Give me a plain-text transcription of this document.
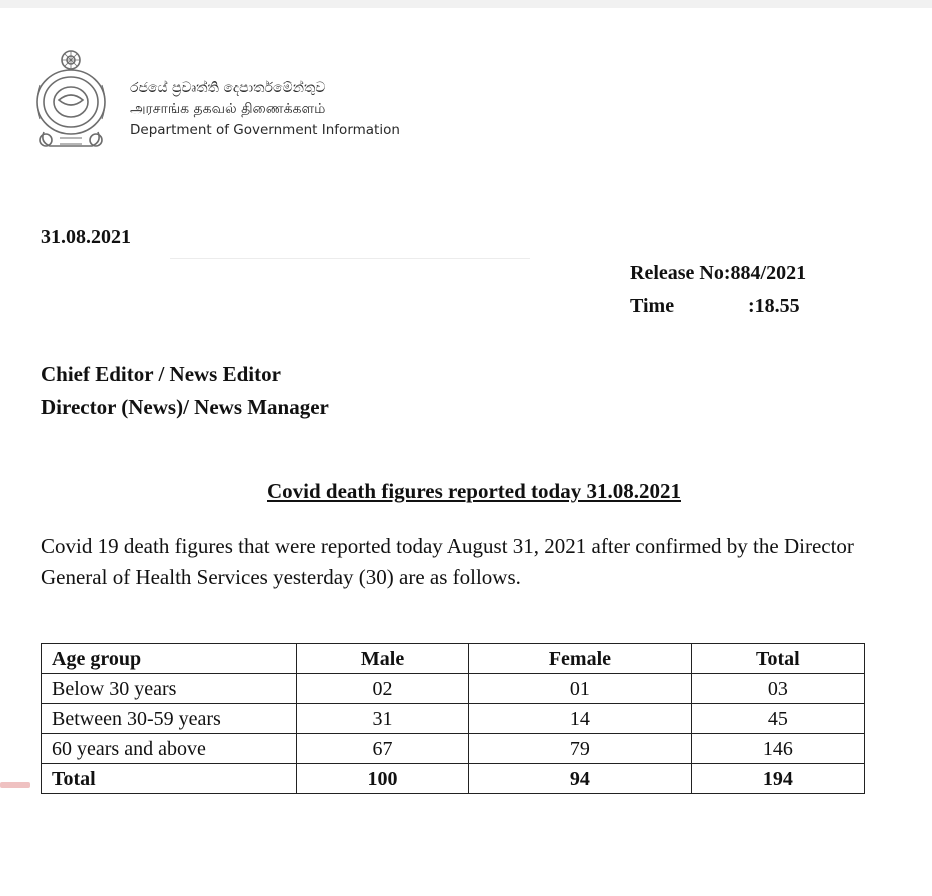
රජයේ ප්‍රවෘත්ති දෙපාර්තමේන්තුව
அரசாங்க தகவல் திணைக்களம்
Department of Government Information
31.08.2021
Release No:884/2021
Time	:18.55
Chief Editor / News Editor
Director (News)/ News Manager
Covid death figures reported today 31.08.2021
Covid 19 death figures that were reported today August 31, 2021 after confirmed by the Director General of Health Services yesterday (30) are as follows.
Age group	Male	Female	Total
Below 30 years	02	01	03
Between 30-59 years	31	14	45
60 years and above	67	79	146
Total	100	94	194
